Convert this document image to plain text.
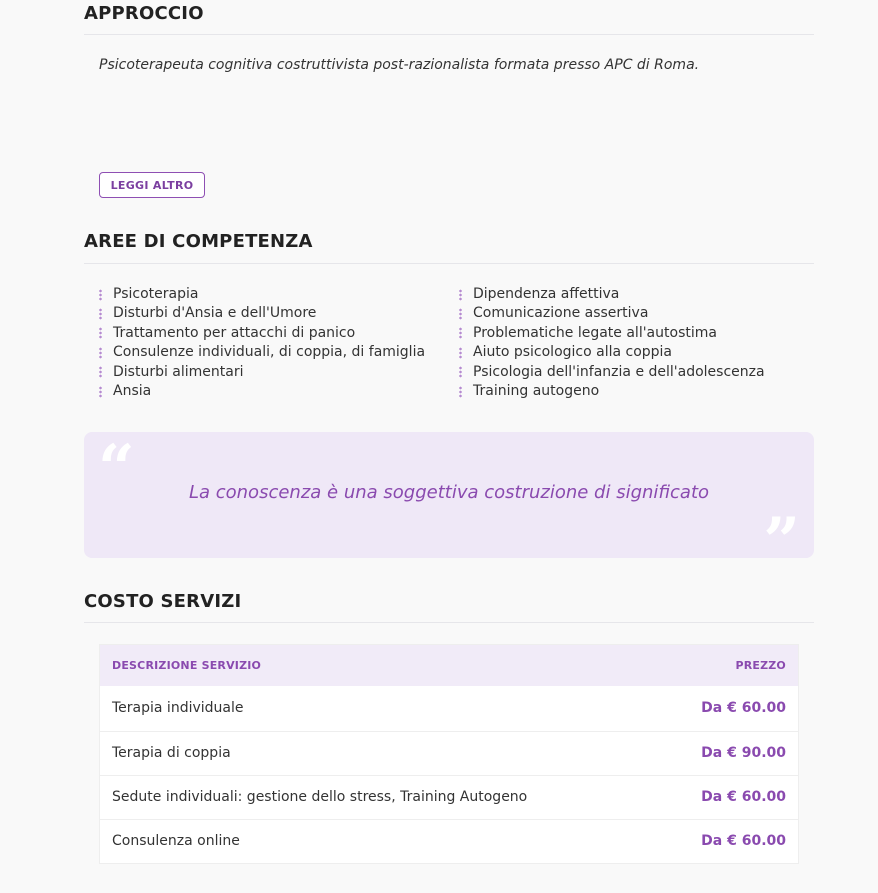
APPROCCIO
Psicoterapeuta cognitiva costruttivista post-razionalista formata presso APC di Roma.
LEGGI ALTRO
AREE DI COMPETENZA
Psicoterapia
Disturbi d'Ansia e dell'Umore
Trattamento per attacchi di panico
Consulenze individuali, di coppia, di famiglia
Disturbi alimentari
Ansia
Dipendenza affettiva
Comunicazione assertiva
Problematiche legate all'autostima
Aiuto psicologico alla coppia
Psicologia dell'infanzia e dell'adolescenza
Training autogeno
“	La conoscenza è una soggettiva costruzione di significato
”
COSTO SERVIZI
DESCRIZIONE SERVIZIO	PREZZO
Terapia individuale	Da € 60.00
Terapia di coppia	Da € 90.00
Sedute individuali: gestione dello stress, Training Autogeno	Da € 60.00
Consulenza online	Da € 60.00
